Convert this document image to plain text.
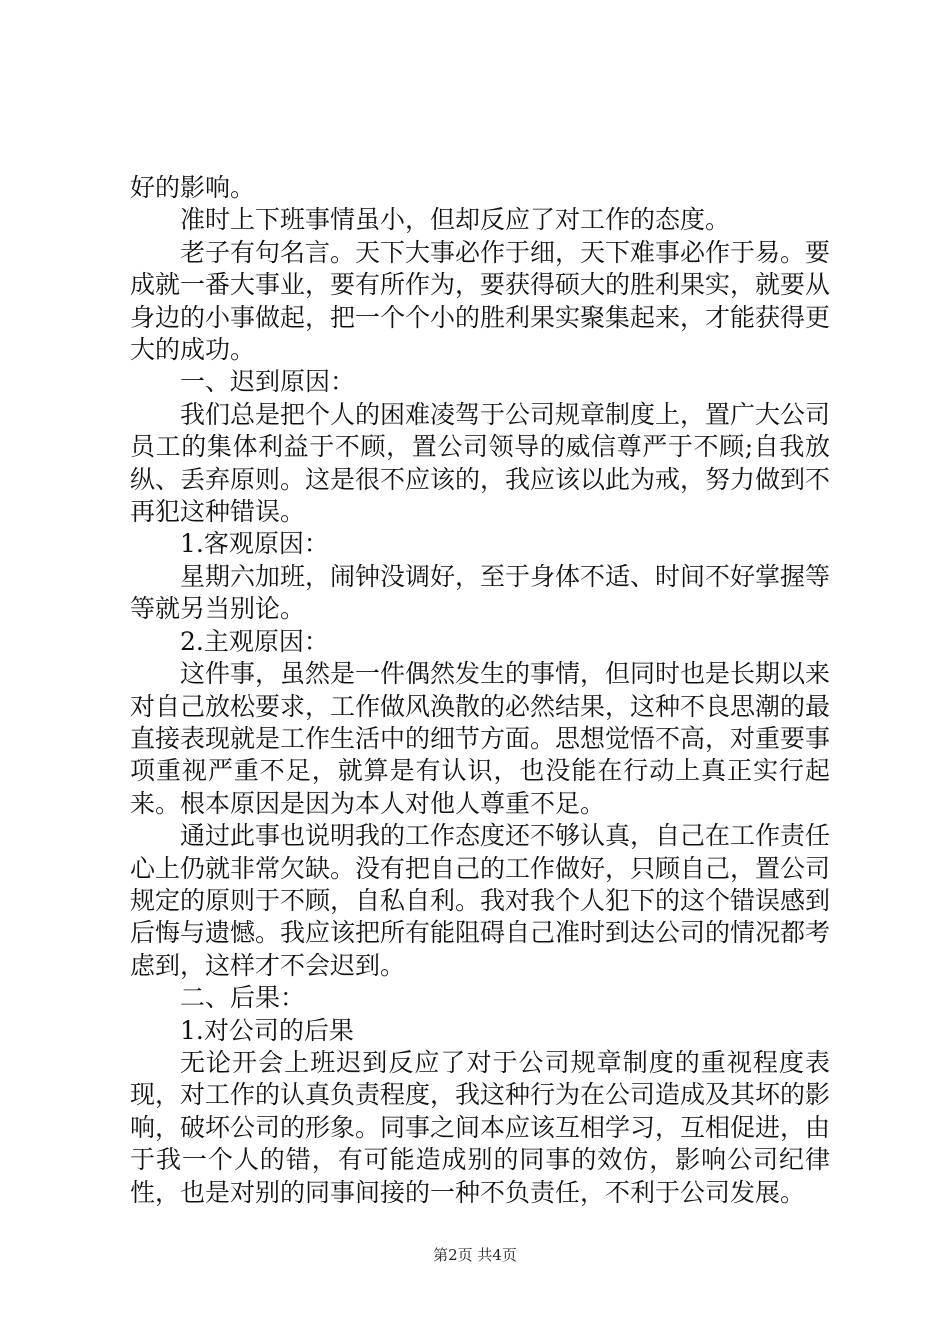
好的影响。

准时上下班事情虽小，但却反应了对工作的态度。

老子有句名言。天下大事必作于细，天下难事必作于易。要成就一番大事业，要有所作为，要获得硕大的胜利果实，就要从身边的小事做起，把一个个小的胜利果实聚集起来，才能获得更大的成功。

一、迟到原因：

我们总是把个人的困难凌驾于公司规章制度上，置广大公司员工的集体利益于不顾，置公司领导的威信尊严于不顾;自我放纵、丢弃原则。这是很不应该的，我应该以此为戒，努力做到不再犯这种错误。

1.客观原因：

星期六加班，闹钟没调好，至于身体不适、时间不好掌握等等就另当别论。

2.主观原因：

这件事，虽然是一件偶然发生的事情，但同时也是长期以来对自己放松要求，工作做风涣散的必然结果，这种不良思潮的最直接表现就是工作生活中的细节方面。思想觉悟不高，对重要事项重视严重不足，就算是有认识，也没能在行动上真正实行起来。根本原因是因为本人对他人尊重不足。

通过此事也说明我的工作态度还不够认真，自己在工作责任心上仍就非常欠缺。没有把自己的工作做好，只顾自己，置公司规定的原则于不顾，自私自利。我对我个人犯下的这个错误感到后悔与遗憾。我应该把所有能阻碍自己准时到达公司的情况都考虑到，这样才不会迟到。

二、后果：

1.对公司的后果

无论开会上班迟到反应了对于公司规章制度的重视程度表现，对工作的认真负责程度，我这种行为在公司造成及其坏的影响，破坏公司的形象。同事之间本应该互相学习，互相促进，由于我一个人的错，有可能造成别的同事的效仿，影响公司纪律性，也是对别的同事间接的一种不负责任，不利于公司发展。

第2页 共4页
